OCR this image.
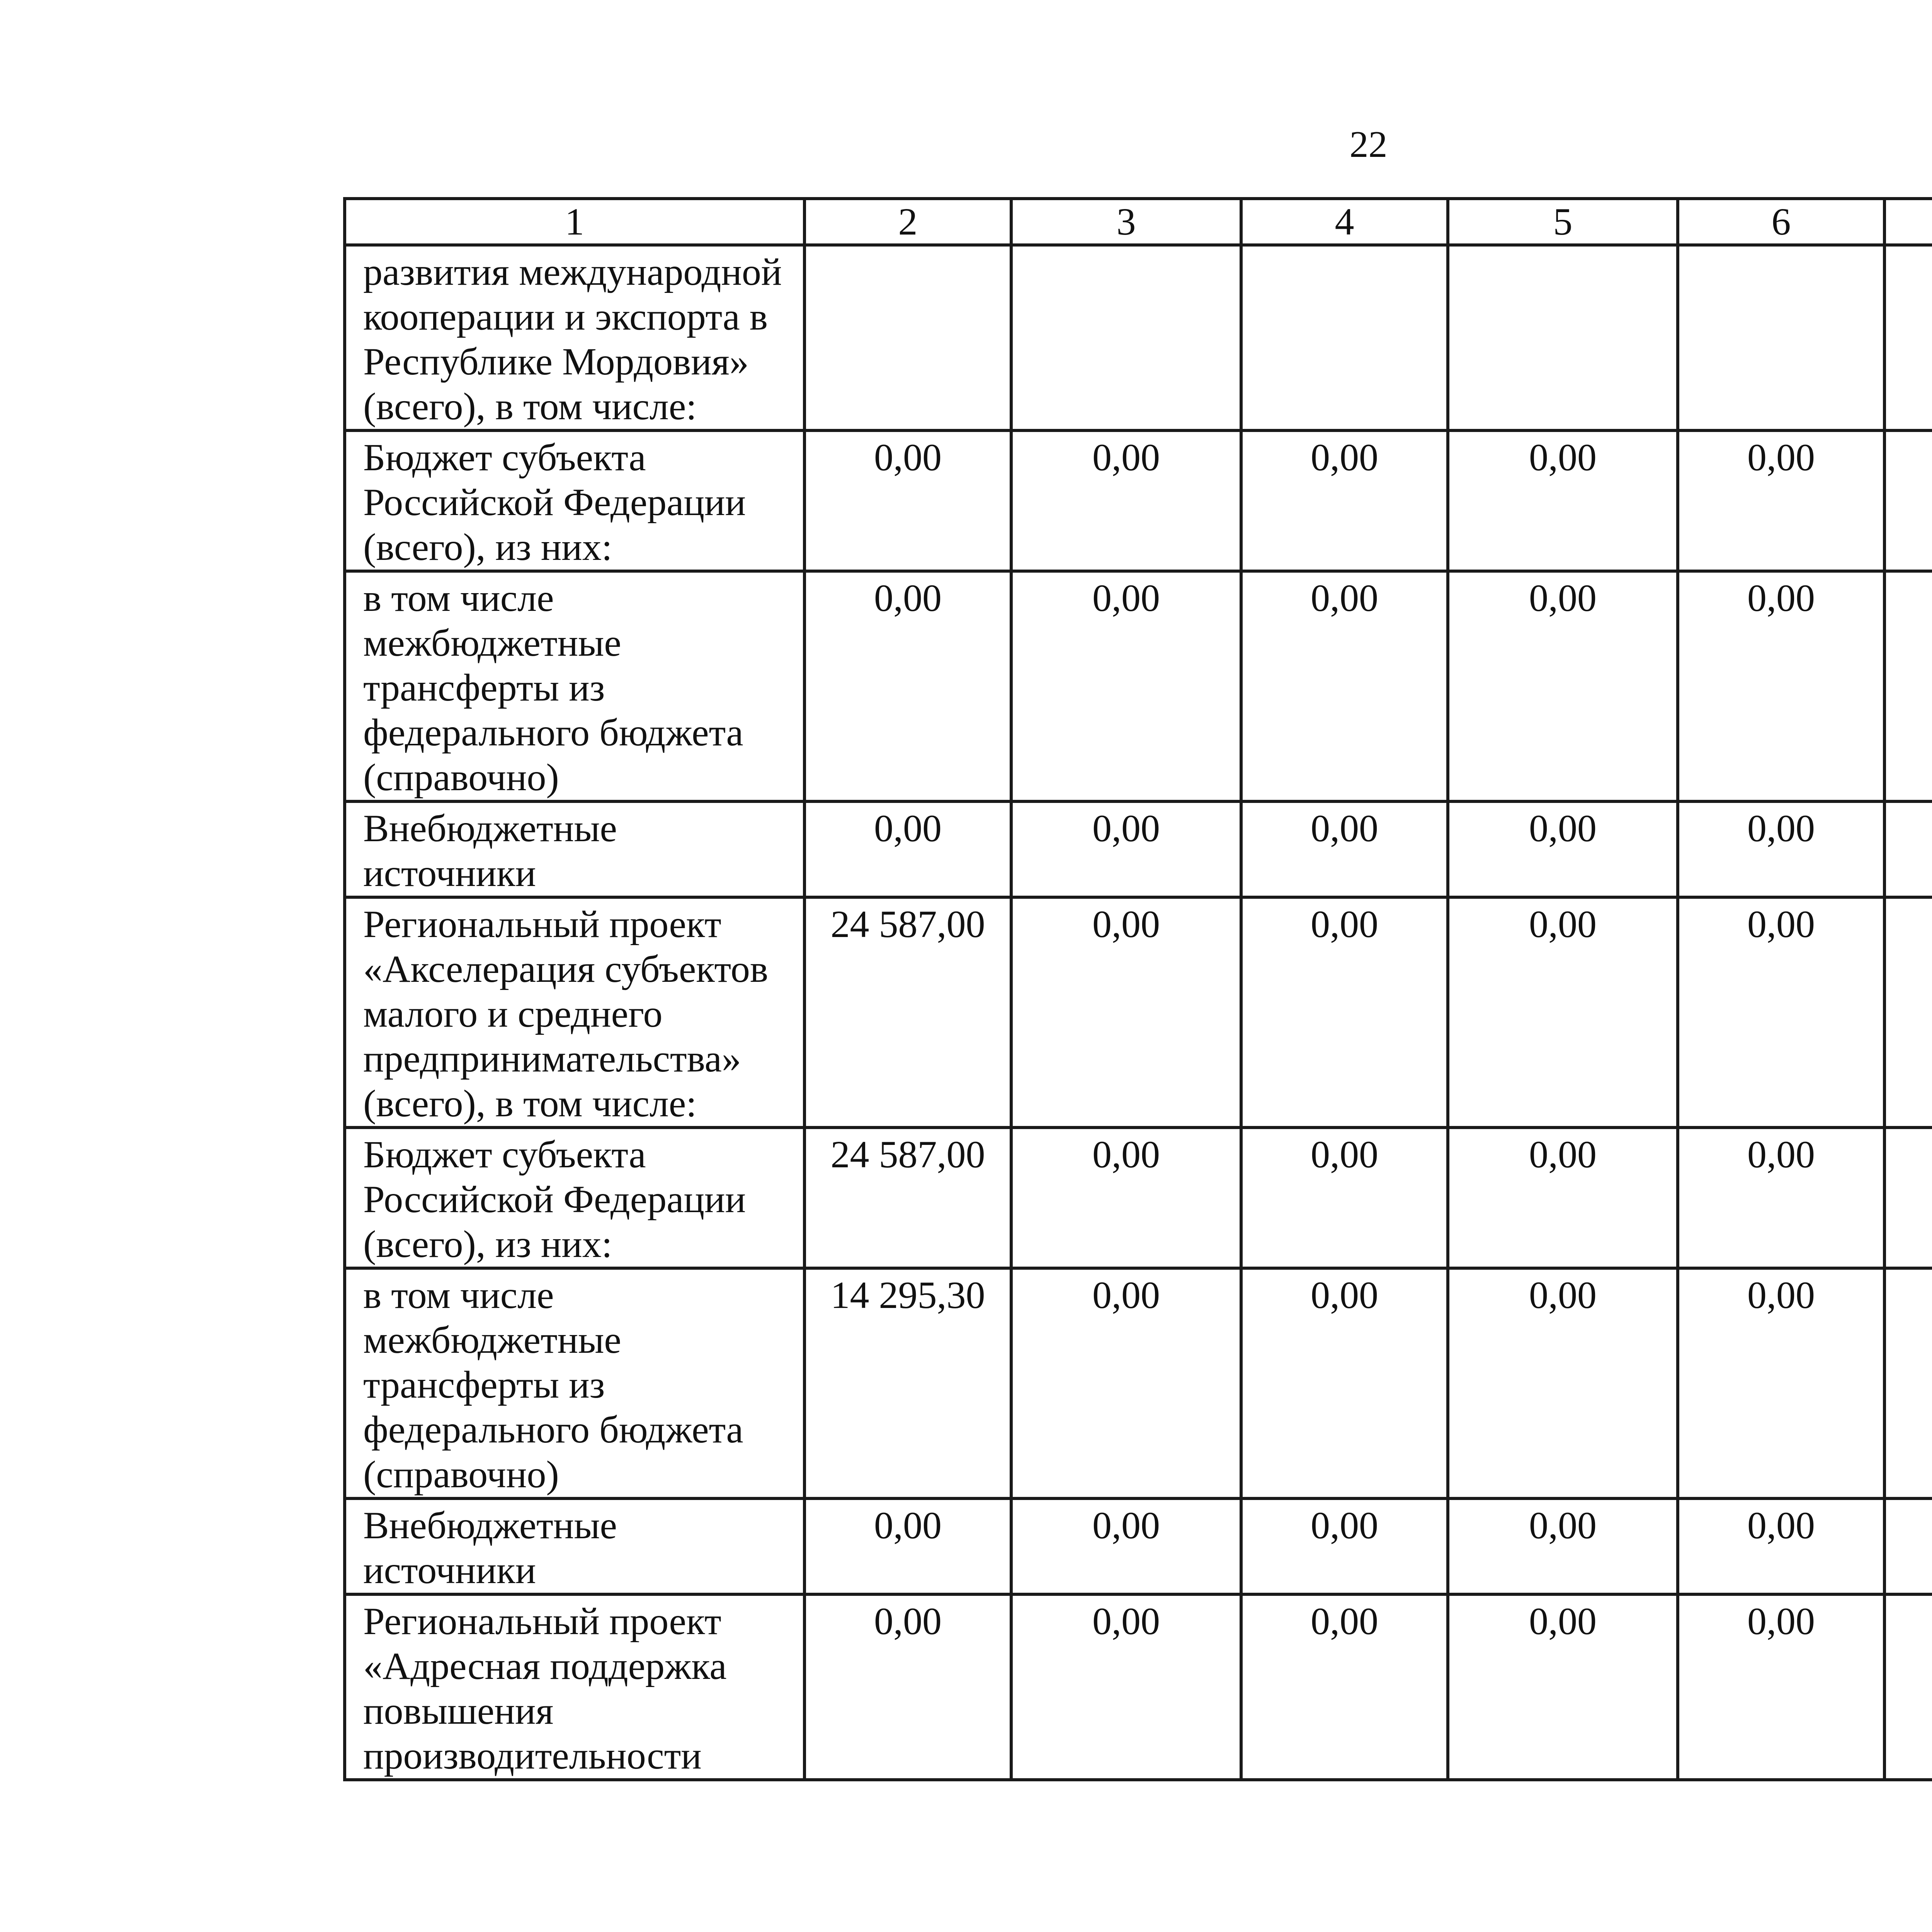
22
1	2	3	4	5	6			
развития международной кооперации и экспорта в Республике Мордовия» (всего), в том числе:								
Бюджет субъекта Российской Федерации (всего), из них:	0,00	0,00	0,00	0,00	0,00			
в том числе межбюджетные трансферты из федерального бюджета (справочно)	0,00	0,00	0,00	0,00	0,00			
Внебюджетные источники	0,00	0,00	0,00	0,00	0,00			
Региональный проект «Акселерация субъектов малого и среднего предпринимательства» (всего), в том числе:	24 587,00	0,00	0,00	0,00	0,00			
Бюджет субъекта Российской Федерации (всего), из них:	24 587,00	0,00	0,00	0,00	0,00			
в том числе межбюджетные трансферты из федерального бюджета (справочно)	14 295,30	0,00	0,00	0,00	0,00			
Внебюджетные источники	0,00	0,00	0,00	0,00	0,00			
Региональный проект «Адресная поддержка повышения производительности	0,00	0,00	0,00	0,00	0,00			
